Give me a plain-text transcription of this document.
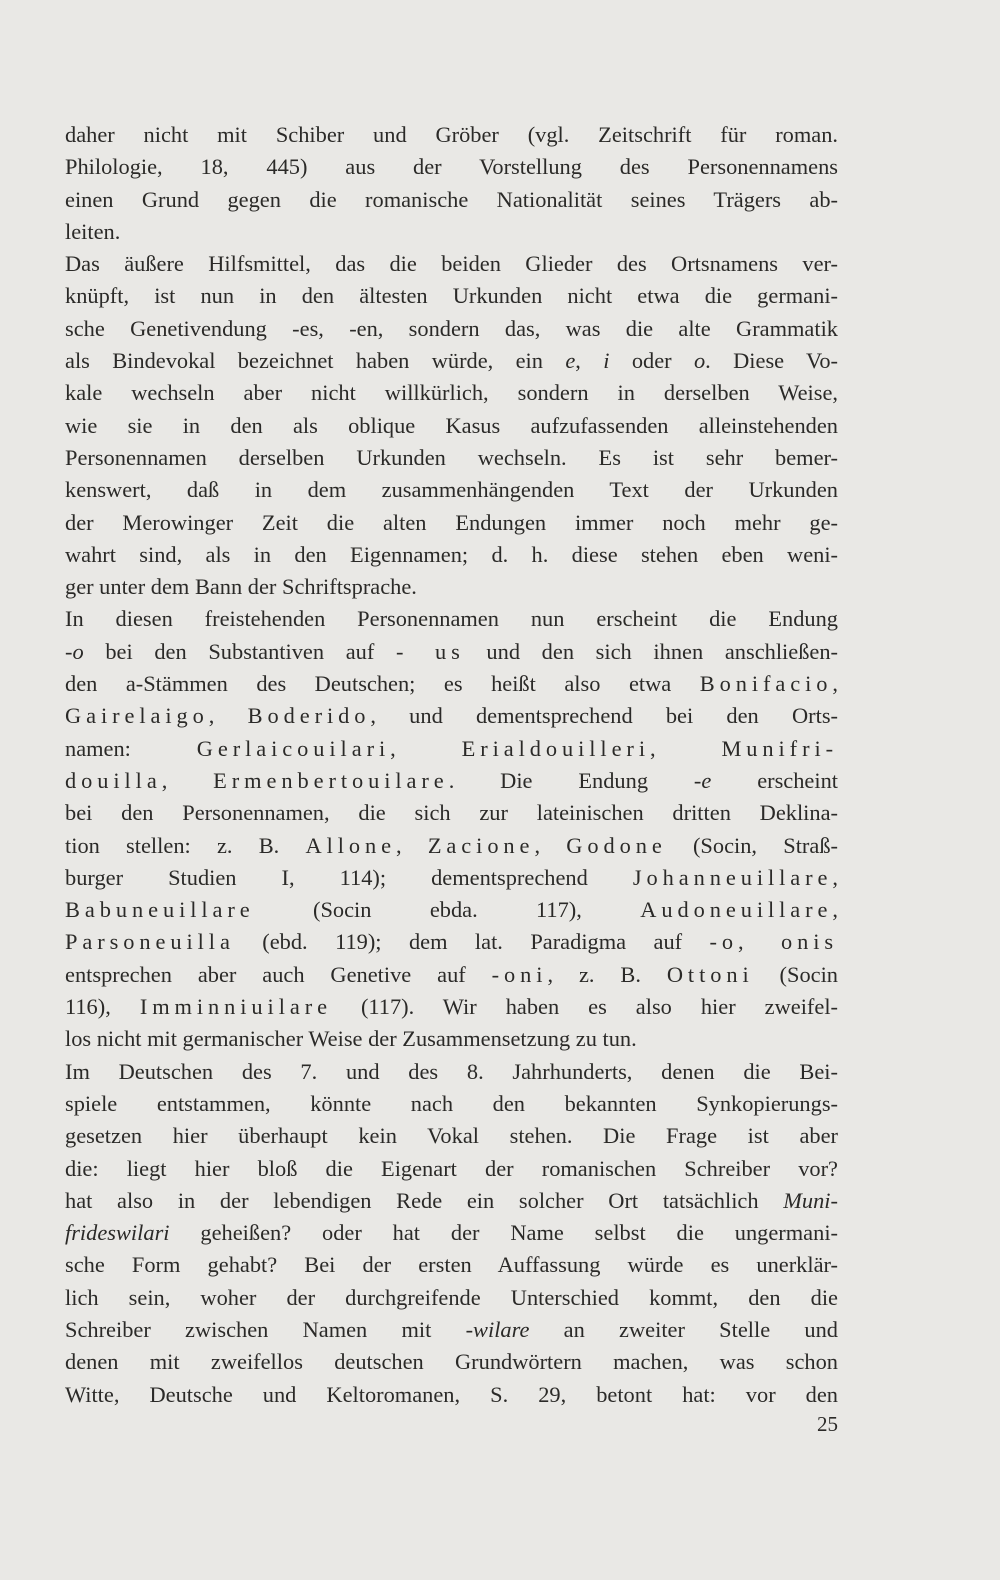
daher nicht mit Schiber und Gröber (vgl. Zeitschrift für roman.
Philologie, 18, 445) aus der Vorstellung des Personennamens
einen Grund gegen die romanische Nationalität seines Trägers ab-
leiten.
Das äußere Hilfsmittel, das die beiden Glieder des Ortsnamens ver-
knüpft, ist nun in den ältesten Urkunden nicht etwa die germani-
sche Genetivendung -es, -en, sondern das, was die alte Grammatik
als Bindevokal bezeichnet haben würde, ein e, i oder o. Diese Vo-
kale wechseln aber nicht willkürlich, sondern in derselben Weise,
wie sie in den als oblique Kasus aufzufassenden alleinstehenden
Personennamen derselben Urkunden wechseln. Es ist sehr bemer-
kenswert, daß in dem zusammenhängenden Text der Urkunden
der Merowinger Zeit die alten Endungen immer noch mehr ge-
wahrt sind, als in den Eigennamen; d. h. diese stehen eben weni-
ger unter dem Bann der Schriftsprache.
In diesen freistehenden Personennamen nun erscheint die Endung
-o bei den Substantiven auf - us und den sich ihnen anschließen-
den a-Stämmen des Deutschen; es heißt also etwa Bonifacio,
Gairelaigo, Boderido, und dementsprechend bei den Orts-
namen: Gerlaicouilari, Erialdouilleri, Munifri-
douilla, Ermenbertouilare. Die Endung -e erscheint
bei den Personennamen, die sich zur lateinischen dritten Deklina-
tion stellen: z. B. Allone, Zacione, Godone (Socin, Straß-
burger Studien I, 114); dementsprechend Johanneuillare,
Babuneuillare (Socin ebda. 117), Audoneuillare,
Parsoneuilla (ebd. 119); dem lat. Paradigma auf -o, onis
entsprechen aber auch Genetive auf -oni, z. B. Ottoni (Socin
116), Imminniuilare (117). Wir haben es also hier zweifel-
los nicht mit germanischer Weise der Zusammensetzung zu tun.
Im Deutschen des 7. und des 8. Jahrhunderts, denen die Bei-
spiele entstammen, könnte nach den bekannten Synkopierungs-
gesetzen hier überhaupt kein Vokal stehen. Die Frage ist aber
die: liegt hier bloß die Eigenart der romanischen Schreiber vor?
hat also in der lebendigen Rede ein solcher Ort tatsächlich Muni-
frideswilari geheißen? oder hat der Name selbst die ungermani-
sche Form gehabt? Bei der ersten Auffassung würde es unerklär-
lich sein, woher der durchgreifende Unterschied kommt, den die
Schreiber zwischen Namen mit -wilare an zweiter Stelle und
denen mit zweifellos deutschen Grundwörtern machen, was schon
Witte, Deutsche und Keltoromanen, S. 29, betont hat: vor den
25
